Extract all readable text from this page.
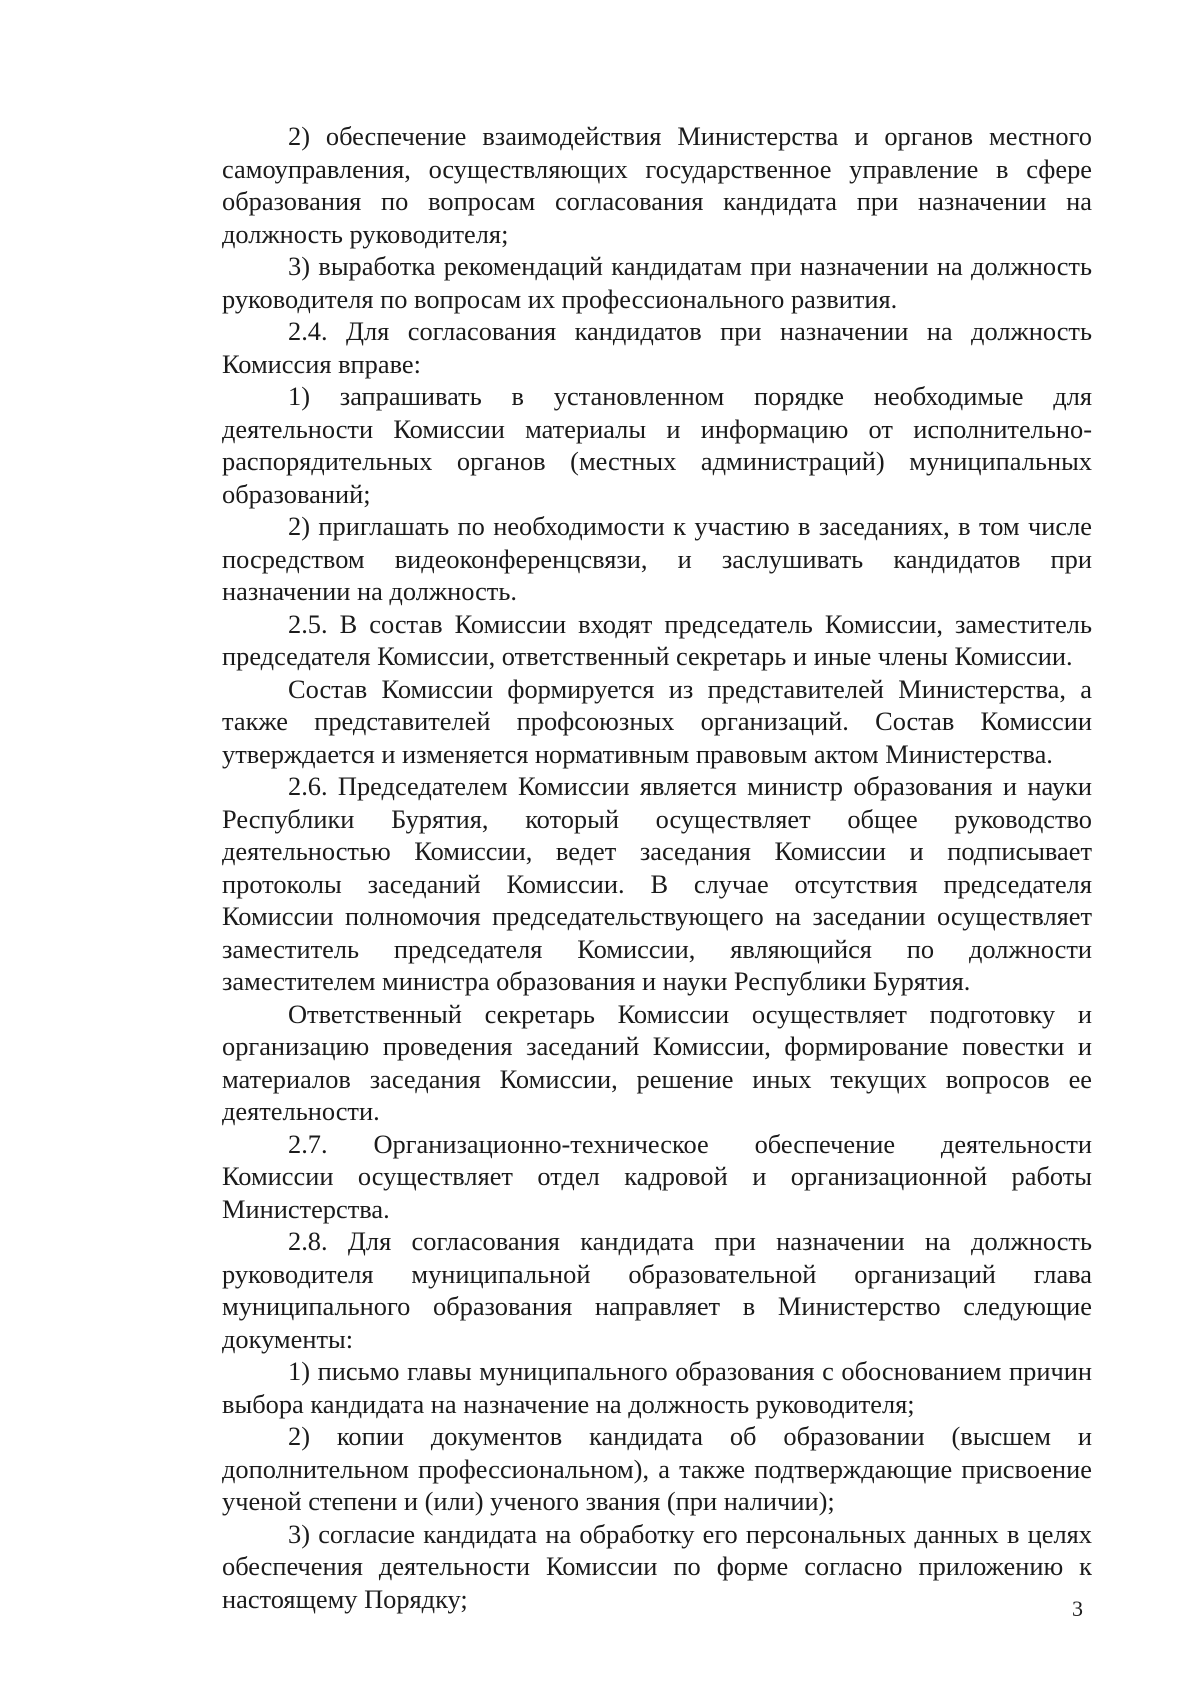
2) обеспечение взаимодействия Министерства и органов местного самоуправления, осуществляющих государственное управление в сфере образования по вопросам согласования кандидата при назначении на должность руководителя;

3) выработка рекомендаций кандидатам при назначении на должность руководителя по вопросам их профессионального развития.

2.4. Для согласования кандидатов при назначении на должность Комиссия вправе:

1) запрашивать в установленном порядке необходимые для деятельности Комиссии материалы и информацию от исполнительно-распорядительных органов (местных администраций) муниципальных образований;

2) приглашать по необходимости к участию в заседаниях, в том числе посредством видеоконференцсвязи, и заслушивать кандидатов при назначении на должность.

2.5. В состав Комиссии входят председатель Комиссии, заместитель председателя Комиссии, ответственный секретарь и иные члены Комиссии.

Состав Комиссии формируется из представителей Министерства, а также представителей профсоюзных организаций. Состав Комиссии утверждается и изменяется нормативным правовым актом Министерства.

2.6. Председателем Комиссии является министр образования и науки Республики Бурятия, который осуществляет общее руководство деятельностью Комиссии, ведет заседания Комиссии и подписывает протоколы заседаний Комиссии. В случае отсутствия председателя Комиссии полномочия председательствующего на заседании осуществляет заместитель председателя Комиссии, являющийся по должности заместителем министра образования и науки Республики Бурятия.

Ответственный секретарь Комиссии осуществляет подготовку и организацию проведения заседаний Комиссии, формирование повестки и материалов заседания Комиссии, решение иных текущих вопросов ее деятельности.

2.7. Организационно-техническое обеспечение деятельности Комиссии осуществляет отдел кадровой и организационной работы Министерства.

2.8. Для согласования кандидата при назначении на должность руководителя муниципальной образовательной организаций глава муниципального образования направляет в Министерство следующие документы:

1) письмо главы муниципального образования с обоснованием причин выбора кандидата на назначение на должность руководителя;

2) копии документов кандидата об образовании (высшем и дополнительном профессиональном), а также подтверждающие присвоение ученой степени и (или) ученого звания (при наличии);

3) согласие кандидата на обработку его персональных данных в целях обеспечения деятельности Комиссии по форме согласно приложению к настоящему Порядку;	3
